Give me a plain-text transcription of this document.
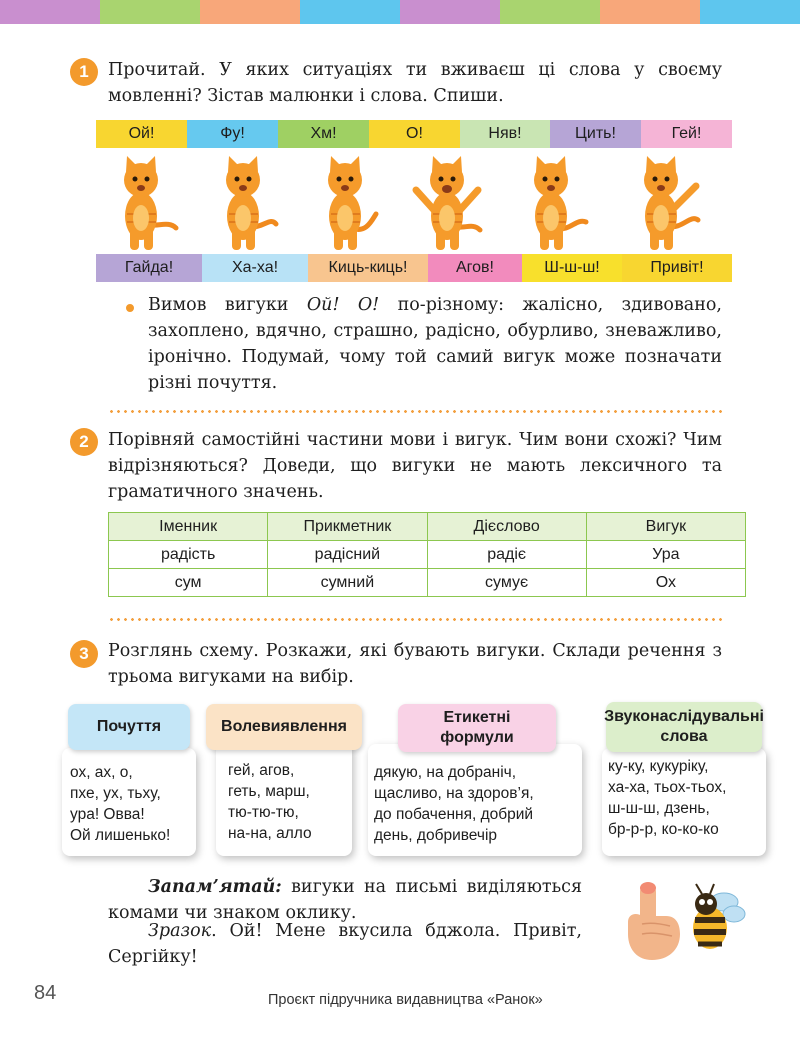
1	Прочитай. У яких ситуаціях ти вживаєш ці слова у своєму мовленні? Зістав малюнки і слова. Спиши.
Ой!	Фу!	Хм!	О!	Няв!	Цить!	Гей!
Гайда!	Ха-ха!	Киць-киць!	Агов!	Ш-ш-ш!	Привіт!
Вимов вигуки Ой! О! по-різному: жалісно, здивовано, захоплено, вдячно, страшно, радісно, обурливо, зневажливо, іронічно. Подумай, чому той самий вигук може позначати різні почуття.
2	Порівняй самостійні частини мови і вигук. Чим вони схожі? Чим відрізняються? Доведи, що вигуки не мають лексичного та граматичного значень.
Іменник	Прикметник	Дієслово	Вигук
радість	радісний	радіє	Ура
сум	сумний	сумує	Ох
3	Розглянь схему. Розкажи, які бувають вигуки. Склади речення з трьома вигуками на вибір.
ох, ах, о,
пхе, ух, тьху,
ура! Овва!
Ой лишенько!
Почуття
гей, агов,
геть, марш,
тю-тю-тю,
на-на, алло
Волевиявлення
дякую, на добраніч,
щасливо, на здоров’я,
до побачення, добрий
день, добривечір
Етикетні формули
ку-ку, кукуріку,
ха-ха, тьох-тьох,
ш-ш-ш, дзень,
бр-р-р, ко-ко-ко
Звуконаслідувальні слова
Запам’ятай: вигуки на письмі виділяються комами чи знаком оклику.
Зразок. Ой! Мене вкусила бджола. Привіт, Сергійку!
84	Проєкт підручника видавництва «Ранок»
